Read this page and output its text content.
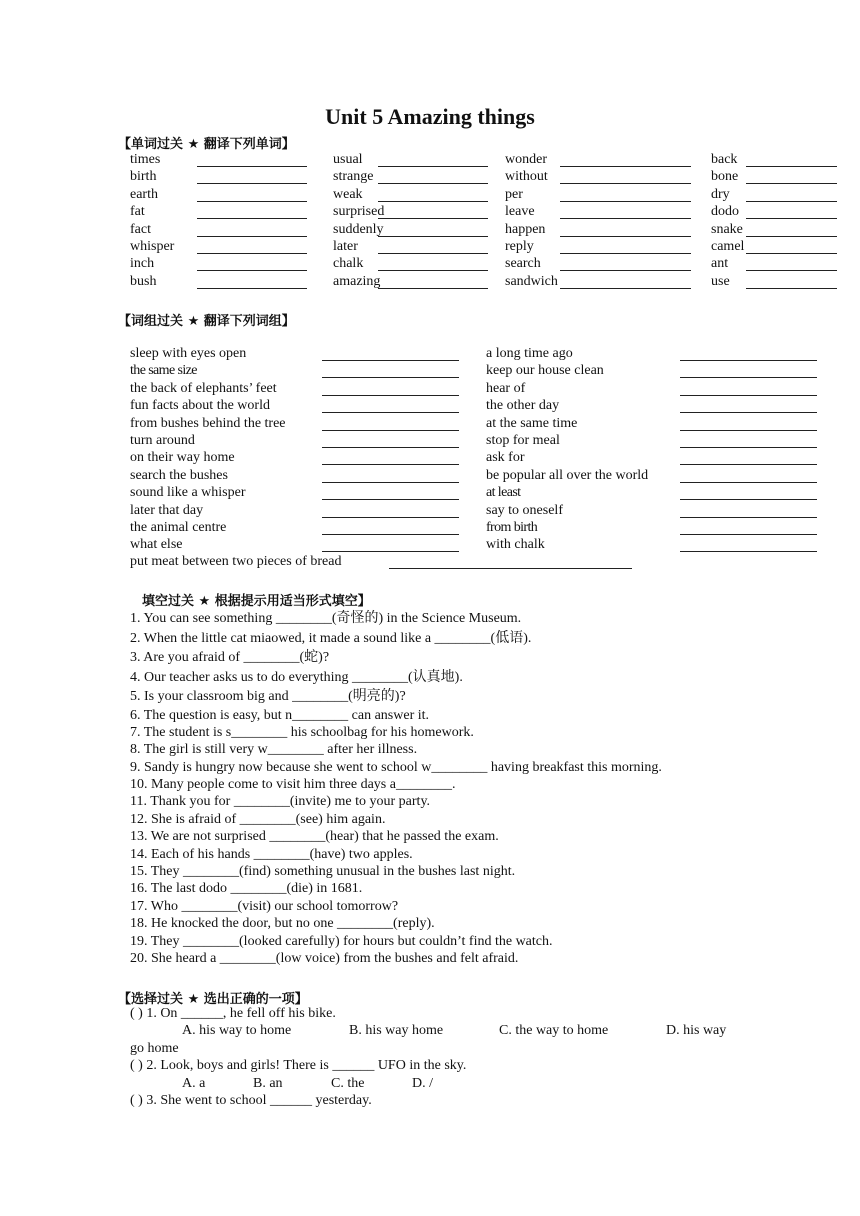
Unit 5 Amazing things
【单词过关 ★ 翻译下列单词】
times	usual	wonder	back
birth	strange	without	bone
earth	weak	per	dry
fat	surprised	leave	dodo
fact	suddenly	happen	snake
whisper	later	reply	camel
inch	chalk	search	ant
bush	amazing	sandwich	use
【词组过关 ★ 翻译下列词组】
sleep with eyes open	a long time ago
the same size	keep our house clean
the back of elephants’ feet	hear of
fun facts about the world	the other day
from bushes behind the tree	at the same time
turn around	stop for meal
on their way home	ask for
search the bushes	be popular all over the world
sound like a whisper	at least
later that day	say to oneself
the animal centre	from birth
what else	with chalk
put meat between two pieces of bread
填空过关 ★ 根据提示用适当形式填空】
1. You can see something ________(奇怪的) in the Science Museum.
2. When the little cat miaowed, it made a sound like a ________(低语).
3. Are you afraid of ________(蛇)?
4. Our teacher asks us to do everything ________(认真地).
5. Is your classroom big and ________(明亮的)?
6. The question is easy, but n________ can answer it.
7. The student is s________ his schoolbag for his homework.
8. The girl is still very w________ after her illness.
9. Sandy is hungry now because she went to school w________ having breakfast this morning.
10. Many people come to visit him three days a________.
11. Thank you for ________(invite) me to your party.
12. She is afraid of ________(see) him again.
13. We are not surprised ________(hear) that he passed the exam.
14. Each of his hands ________(have) two apples.
15. They ________(find) something unusual in the bushes last night.
16. The last dodo ________(die) in 1681.
17. Who ________(visit) our school tomorrow?
18. He knocked the door, but no one ________(reply).
19. They ________(looked carefully) for hours but couldn’t find the watch.
20. She heard a ________(low voice) from the bushes and felt afraid.
【选择过关 ★ 选出正确的一项】
( ) 1. On ______, he fell off his bike.
A. his way to home	B. his way home	C. the way to home	D. his way
go home
( ) 2. Look, boys and girls! There is ______ UFO in the sky.
A. a	B. an	C. the	D. /
( ) 3. She went to school ______ yesterday.
